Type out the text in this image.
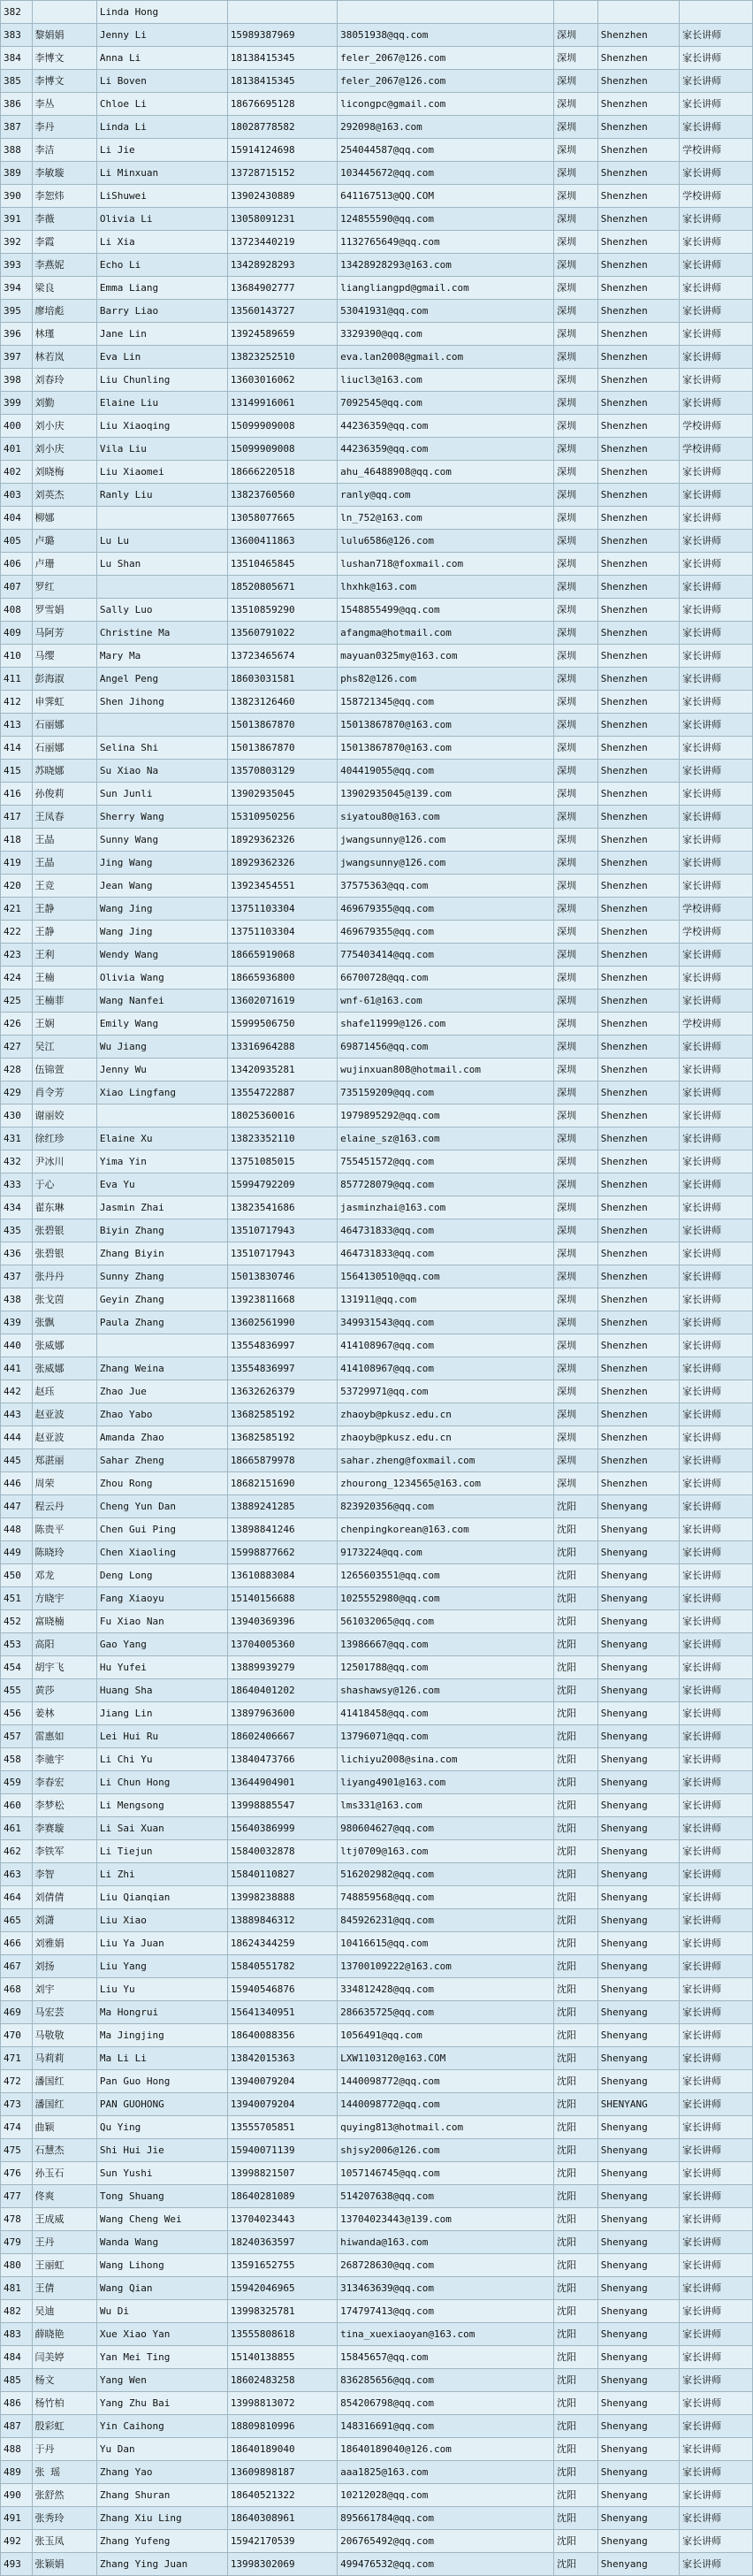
382		Linda Hong					
383	黎娟娟	Jenny Li	15989387969	38051938@qq.com	深圳	Shenzhen	家长讲师
384	李博文	Anna Li	18138415345	feler_2067@126.com	深圳	Shenzhen	家长讲师
385	李博文	Li Boven	18138415345	feler_2067@126.com	深圳	Shenzhen	家长讲师
386	李丛	Chloe Li	18676695128	licongpc@gmail.com	深圳	Shenzhen	家长讲师
387	李丹	Linda Li	18028778582	292098@163.com	深圳	Shenzhen	家长讲师
388	李洁	Li Jie	15914124698	254044587@qq.com	深圳	Shenzhen	学校讲师
389	李敏璇	Li Minxuan	13728715152	103445672@qq.com	深圳	Shenzhen	家长讲师
390	李恕炜	LiShuwei	13902430889	641167513@QQ.COM	深圳	Shenzhen	学校讲师
391	李薇	Olivia Li	13058091231	124855590@qq.com	深圳	Shenzhen	家长讲师
392	李霞	Li Xia	13723440219	1132765649@qq.com	深圳	Shenzhen	家长讲师
393	李燕妮	Echo Li	13428928293	13428928293@163.com	深圳	Shenzhen	家长讲师
394	梁良	Emma Liang	13684902777	liangliangpd@gmail.com	深圳	Shenzhen	家长讲师
395	廖培彪	Barry Liao	13560143727	53041931@qq.com	深圳	Shenzhen	家长讲师
396	林瑾	Jane Lin	13924589659	3329390@qq.com	深圳	Shenzhen	家长讲师
397	林若岚	Eva Lin	13823252510	eva.lan2008@gmail.com	深圳	Shenzhen	家长讲师
398	刘春玲	Liu Chunling	13603016062	liucl3@163.com	深圳	Shenzhen	家长讲师
399	刘勤	Elaine Liu	13149916061	7092545@qq.com	深圳	Shenzhen	家长讲师
400	刘小庆	Liu Xiaoqing	15099909008	44236359@qq.com	深圳	Shenzhen	学校讲师
401	刘小庆	Vila Liu	15099909008	44236359@qq.com	深圳	Shenzhen	学校讲师
402	刘晓梅	Liu Xiaomei	18666220518	ahu_46488908@qq.com	深圳	Shenzhen	家长讲师
403	刘英杰	Ranly Liu	13823760560	ranly@qq.com	深圳	Shenzhen	家长讲师
404	柳娜		13058077665	ln_752@163.com	深圳	Shenzhen	家长讲师
405	卢璐	Lu Lu	13600411863	lulu6586@126.com	深圳	Shenzhen	家长讲师
406	卢珊	Lu Shan	13510465845	lushan718@foxmail.com	深圳	Shenzhen	家长讲师
407	罗红		18520805671	lhxhk@163.com	深圳	Shenzhen	家长讲师
408	罗雪娟	Sally Luo	13510859290	1548855499@qq.com	深圳	Shenzhen	家长讲师
409	马阿芳	Christine Ma	13560791022	afangma@hotmail.com	深圳	Shenzhen	家长讲师
410	马缨	Mary Ma	13723465674	mayuan0325my@163.com	深圳	Shenzhen	家长讲师
411	彭海淑	Angel Peng	18603031581	phs82@126.com	深圳	Shenzhen	家长讲师
412	申霁虹	Shen Jihong	13823126460	158721345@qq.com	深圳	Shenzhen	家长讲师
413	石丽娜		15013867870	15013867870@163.com	深圳	Shenzhen	家长讲师
414	石丽娜	Selina Shi	15013867870	15013867870@163.com	深圳	Shenzhen	家长讲师
415	苏晓娜	Su Xiao Na	13570803129	404419055@qq.com	深圳	Shenzhen	家长讲师
416	孙俊莉	Sun Junli	13902935045	13902935045@139.com	深圳	Shenzhen	家长讲师
417	王凤春	Sherry Wang	15310950256	siyatou80@163.com	深圳	Shenzhen	家长讲师
418	王晶	Sunny Wang	18929362326	jwangsunny@126.com	深圳	Shenzhen	家长讲师
419	王晶	Jing Wang	18929362326	jwangsunny@126.com	深圳	Shenzhen	家长讲师
420	王竞	Jean Wang	13923454551	37575363@qq.com	深圳	Shenzhen	家长讲师
421	王静	Wang Jing	13751103304	469679355@qq.com	深圳	Shenzhen	学校讲师
422	王静	Wang Jing	13751103304	469679355@qq.com	深圳	Shenzhen	学校讲师
423	王利	Wendy Wang	18665919068	775403414@qq.com	深圳	Shenzhen	家长讲师
424	王楠	Olivia Wang	18665936800	66700728@qq.com	深圳	Shenzhen	家长讲师
425	王楠菲	Wang Nanfei	13602071619	wnf-61@163.com	深圳	Shenzhen	家长讲师
426	王娴	Emily Wang	15999506750	shafe11999@126.com	深圳	Shenzhen	学校讲师
427	吴江	Wu Jiang	13316964288	69871456@qq.com	深圳	Shenzhen	家长讲师
428	伍锦萱	Jenny Wu	13420935281	wujinxuan808@hotmail.com	深圳	Shenzhen	家长讲师
429	肖令芳	Xiao Lingfang	13554722887	735159209@qq.com	深圳	Shenzhen	家长讲师
430	谢丽姣		18025360016	1979895292@qq.com	深圳	Shenzhen	家长讲师
431	徐红珍	Elaine Xu	13823352110	elaine_sz@163.com	深圳	Shenzhen	家长讲师
432	尹冰川	Yima Yin	13751085015	755451572@qq.com	深圳	Shenzhen	家长讲师
433	于心	Eva Yu	15994792209	857728079@qq.com	深圳	Shenzhen	家长讲师
434	翟东琳	Jasmin Zhai	13823541686	jasminzhai@163.com	深圳	Shenzhen	家长讲师
435	张碧银	Biyin Zhang	13510717943	464731833@qq.com	深圳	Shenzhen	家长讲师
436	张碧银	Zhang Biyin	13510717943	464731833@qq.com	深圳	Shenzhen	家长讲师
437	张丹丹	Sunny Zhang	15013830746	1564130510@qq.com	深圳	Shenzhen	家长讲师
438	张戈茵	Geyin Zhang	13923811668	131911@qq.com	深圳	Shenzhen	家长讲师
439	张飘	Paula Zhang	13602561990	349931543@qq.com	深圳	Shenzhen	家长讲师
440	张威娜		13554836997	414108967@qq.com	深圳	Shenzhen	家长讲师
441	张威娜	Zhang Weina	13554836997	414108967@qq.com	深圳	Shenzhen	家长讲师
442	赵珏	Zhao Jue	13632626379	53729971@qq.com	深圳	Shenzhen	家长讲师
443	赵亚波	Zhao Yabo	13682585192	zhaoyb@pkusz.edu.cn	深圳	Shenzhen	家长讲师
444	赵亚波	Amanda Zhao	13682585192	zhaoyb@pkusz.edu.cn	深圳	Shenzhen	家长讲师
445	郑湛丽	Sahar Zheng	18665879978	sahar.zheng@foxmail.com	深圳	Shenzhen	家长讲师
446	周荣	Zhou Rong	18682151690	zhourong_1234565@163.com	深圳	Shenzhen	家长讲师
447	程云丹	Cheng Yun Dan	13889241285	823920356@qq.com	沈阳	Shenyang	家长讲师
448	陈贵平	Chen Gui Ping	13898841246	chenpingkorean@163.com	沈阳	Shenyang	家长讲师
449	陈晓玲	Chen Xiaoling	15998877662	9173224@qq.com	沈阳	Shenyang	家长讲师
450	邓龙	Deng Long	13610883084	1265603551@qq.com	沈阳	Shenyang	家长讲师
451	方晓宇	Fang Xiaoyu	15140156688	1025552980@qq.com	沈阳	Shenyang	家长讲师
452	富晓楠	Fu Xiao Nan	13940369396	561032065@qq.com	沈阳	Shenyang	家长讲师
453	高阳	Gao Yang	13704005360	13986667@qq.com	沈阳	Shenyang	家长讲师
454	胡宇飞	Hu Yufei	13889939279	12501788@qq.com	沈阳	Shenyang	家长讲师
455	黄莎	Huang Sha	18640401202	shashawsy@126.com	沈阳	Shenyang	家长讲师
456	姜林	Jiang Lin	13897963600	41418458@qq.com	沈阳	Shenyang	家长讲师
457	雷惠如	Lei Hui Ru	18602406667	13796071@qq.com	沈阳	Shenyang	家长讲师
458	李驰宇	Li Chi Yu	13840473766	lichiyu2008@sina.com	沈阳	Shenyang	家长讲师
459	李春宏	Li Chun Hong	13644904901	liyang4901@163.com	沈阳	Shenyang	家长讲师
460	李梦松	Li Mengsong	13998885547	lms331@163.com	沈阳	Shenyang	家长讲师
461	李赛璇	Li Sai Xuan	15640386999	980604627@qq.com	沈阳	Shenyang	家长讲师
462	李铁军	Li Tiejun	15840032878	ltj0709@163.com	沈阳	Shenyang	家长讲师
463	李智	Li Zhi	15840110827	516202982@qq.com	沈阳	Shenyang	家长讲师
464	刘倩倩	Liu Qianqian	13998238888	748859568@qq.com	沈阳	Shenyang	家长讲师
465	刘潇	Liu Xiao	13889846312	845926231@qq.com	沈阳	Shenyang	家长讲师
466	刘雅娟	Liu Ya Juan	18624344259	10416615@qq.com	沈阳	Shenyang	家长讲师
467	刘扬	Liu Yang	15840551782	13700109222@163.com	沈阳	Shenyang	家长讲师
468	刘宇	Liu Yu	15940546876	334812428@qq.com	沈阳	Shenyang	家长讲师
469	马宏芸	Ma Hongrui	15641340951	286635725@qq.com	沈阳	Shenyang	家长讲师
470	马敬敬	Ma Jingjing	18640088356	1056491@qq.com	沈阳	Shenyang	家长讲师
471	马莉莉	Ma Li Li	13842015363	LXW1103120@163.COM	沈阳	Shenyang	家长讲师
472	潘国红	Pan Guo Hong	13940079204	1440098772@qq.com	沈阳	Shenyang	家长讲师
473	潘国红	PAN GUOHONG	13940079204	1440098772@qq.com	沈阳	SHENYANG	家长讲师
474	曲颖	Qu Ying	13555705851	quying813@hotmail.com	沈阳	Shenyang	家长讲师
475	石慧杰	Shi Hui Jie	15940071139	shjsy2006@126.com	沈阳	Shenyang	家长讲师
476	孙玉石	Sun Yushi	13998821507	1057146745@qq.com	沈阳	Shenyang	家长讲师
477	佟爽	Tong Shuang	18640281089	514207638@qq.com	沈阳	Shenyang	家长讲师
478	王成威	Wang Cheng Wei	13704023443	13704023443@139.com	沈阳	Shenyang	家长讲师
479	王丹	Wanda Wang	18240363597	hiwanda@163.com	沈阳	Shenyang	家长讲师
480	王丽虹	Wang Lihong	13591652755	268728630@qq.com	沈阳	Shenyang	家长讲师
481	王倩	Wang Qian	15942046965	313463639@qq.com	沈阳	Shenyang	家长讲师
482	吴迪	Wu Di	13998325781	174797413@qq.com	沈阳	Shenyang	家长讲师
483	薛晓艳	Xue Xiao Yan	13555808618	tina_xuexiaoyan@163.com	沈阳	Shenyang	家长讲师
484	闫美婷	Yan Mei Ting	15140138855	15845657@qq.com	沈阳	Shenyang	家长讲师
485	杨文	Yang Wen	18602483258	836285656@qq.com	沈阳	Shenyang	家长讲师
486	杨竹柏	Yang Zhu Bai	13998813072	854206798@qq.com	沈阳	Shenyang	家长讲师
487	殷彩虹	Yin Caihong	18809810996	148316691@qq.com	沈阳	Shenyang	家长讲师
488	于丹	Yu Dan	18640189040	18640189040@126.com	沈阳	Shenyang	家长讲师
489	张 瑶	Zhang Yao	13609898187	aaa1825@163.com	沈阳	Shenyang	家长讲师
490	张舒然	Zhang Shuran	18640521322	10212028@qq.com	沈阳	Shenyang	家长讲师
491	张秀玲	Zhang Xiu Ling	18640308961	895661784@qq.com	沈阳	Shenyang	家长讲师
492	张玉凤	Zhang Yufeng	15942170539	206765492@qq.com	沈阳	Shenyang	家长讲师
493	张颖娟	Zhang Ying Juan	13998302069	499476532@qq.com	沈阳	Shenyang	家长讲师
